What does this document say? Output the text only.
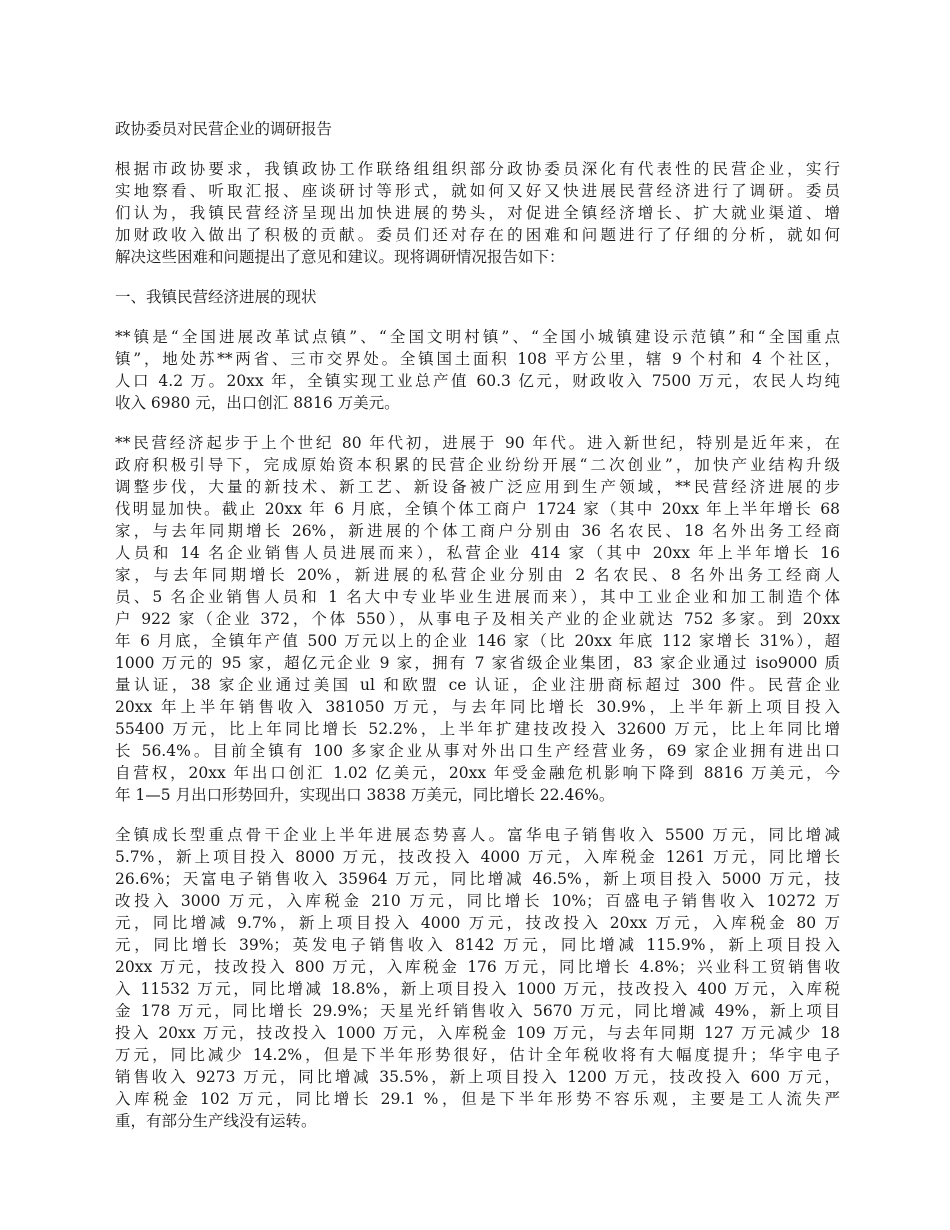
政协委员对民营企业的调研报告
根据市政协要求，我镇政协工作联络组组织部分政协委员深化有代表性的民营企业，实行
实地察看、听取汇报、座谈研讨等形式，就如何又好又快进展民营经济进行了调研。委员
们认为，我镇民营经济呈现出加快进展的势头，对促进全镇经济增长、扩大就业渠道、增
加财政收入做出了积极的贡献。委员们还对存在的困难和问题进行了仔细的分析，就如何
解决这些困难和问题提出了意见和建议。现将调研情况报告如下：
一、我镇民营经济进展的现状
**镇是“全国进展改革试点镇”、“全国文明村镇”、“全国小城镇建设示范镇”和“全国重点
镇”，地处苏**两省、三市交界处。全镇国土面积 108 平方公里，辖 9 个村和 4 个社区，
人口 4.2 万。20xx 年，全镇实现工业总产值 60.3 亿元，财政收入 7500 万元，农民人均纯
收入 6980 元，出口创汇 8816 万美元。
**民营经济起步于上个世纪 80 年代初，进展于 90 年代。进入新世纪，特别是近年来，在
政府积极引导下，完成原始资本积累的民营企业纷纷开展“二次创业”，加快产业结构升级
调整步伐，大量的新技术、新工艺、新设备被广泛应用到生产领域，**民营经济进展的步
伐明显加快。截止 20xx 年 6 月底，全镇个体工商户 1724 家（其中 20xx 年上半年增长 68
家，与去年同期增长 26%，新进展的个体工商户分别由 36 名农民、18 名外出务工经商
人员和 14 名企业销售人员进展而来），私营企业 414 家（其中 20xx 年上半年增长 16
家，与去年同期增长 20%，新进展的私营企业分别由 2 名农民、8 名外出务工经商人
员、5 名企业销售人员和 1 名大中专业毕业生进展而来），其中工业企业和加工制造个体
户 922 家（企业 372，个体 550），从事电子及相关产业的企业就达 752 多家。到 20xx
年 6 月底，全镇年产值 500 万元以上的企业 146 家（比 20xx 年底 112 家增长 31%），超
1000 万元的 95 家，超亿元企业 9 家，拥有 7 家省级企业集团，83 家企业通过 iso9000 质
量认证，38 家企业通过美国 ul 和欧盟 ce 认证，企业注册商标超过 300 件。民营企业
20xx 年上半年销售收入 381050 万元，与去年同比增长 30.9%，上半年新上项目投入
55400 万元，比上年同比增长 52.2%，上半年扩建技改投入 32600 万元，比上年同比增
长 56.4%。目前全镇有 100 多家企业从事对外出口生产经营业务，69 家企业拥有进出口
自营权，20xx 年出口创汇 1.02 亿美元，20xx 年受金融危机影响下降到 8816 万美元，今
年 1—5 月出口形势回升，实现出口 3838 万美元，同比增长 22.46%。
全镇成长型重点骨干企业上半年进展态势喜人。富华电子销售收入 5500 万元，同比增减
5.7%，新上项目投入 8000 万元，技改投入 4000 万元，入库税金 1261 万元，同比增长
26.6%；天富电子销售收入 35964 万元，同比增减 46.5%，新上项目投入 5000 万元，技
改投入 3000 万元，入库税金 210 万元，同比增长 10%；百盛电子销售收入 10272 万
元，同比增减 9.7%，新上项目投入 4000 万元，技改投入 20xx 万元，入库税金 80 万
元，同比增长 39%；英发电子销售收入 8142 万元，同比增减 115.9%，新上项目投入
20xx 万元，技改投入 800 万元，入库税金 176 万元，同比增长 4.8%；兴业科工贸销售收
入 11532 万元，同比增减 18.8%，新上项目投入 1000 万元，技改投入 400 万元，入库税
金 178 万元，同比增长 29.9%；天星光纤销售收入 5670 万元，同比增减 49%，新上项目
投入 20xx 万元，技改投入 1000 万元，入库税金 109 万元，与去年同期 127 万元减少 18
万元，同比减少 14.2%，但是下半年形势很好，估计全年税收将有大幅度提升；华宇电子
销售收入 9273 万元，同比增减 35.5%，新上项目投入 1200 万元，技改投入 600 万元，
入库税金 102 万元，同比增长 29.1 %，但是下半年形势不容乐观，主要是工人流失严
重，有部分生产线没有运转。
